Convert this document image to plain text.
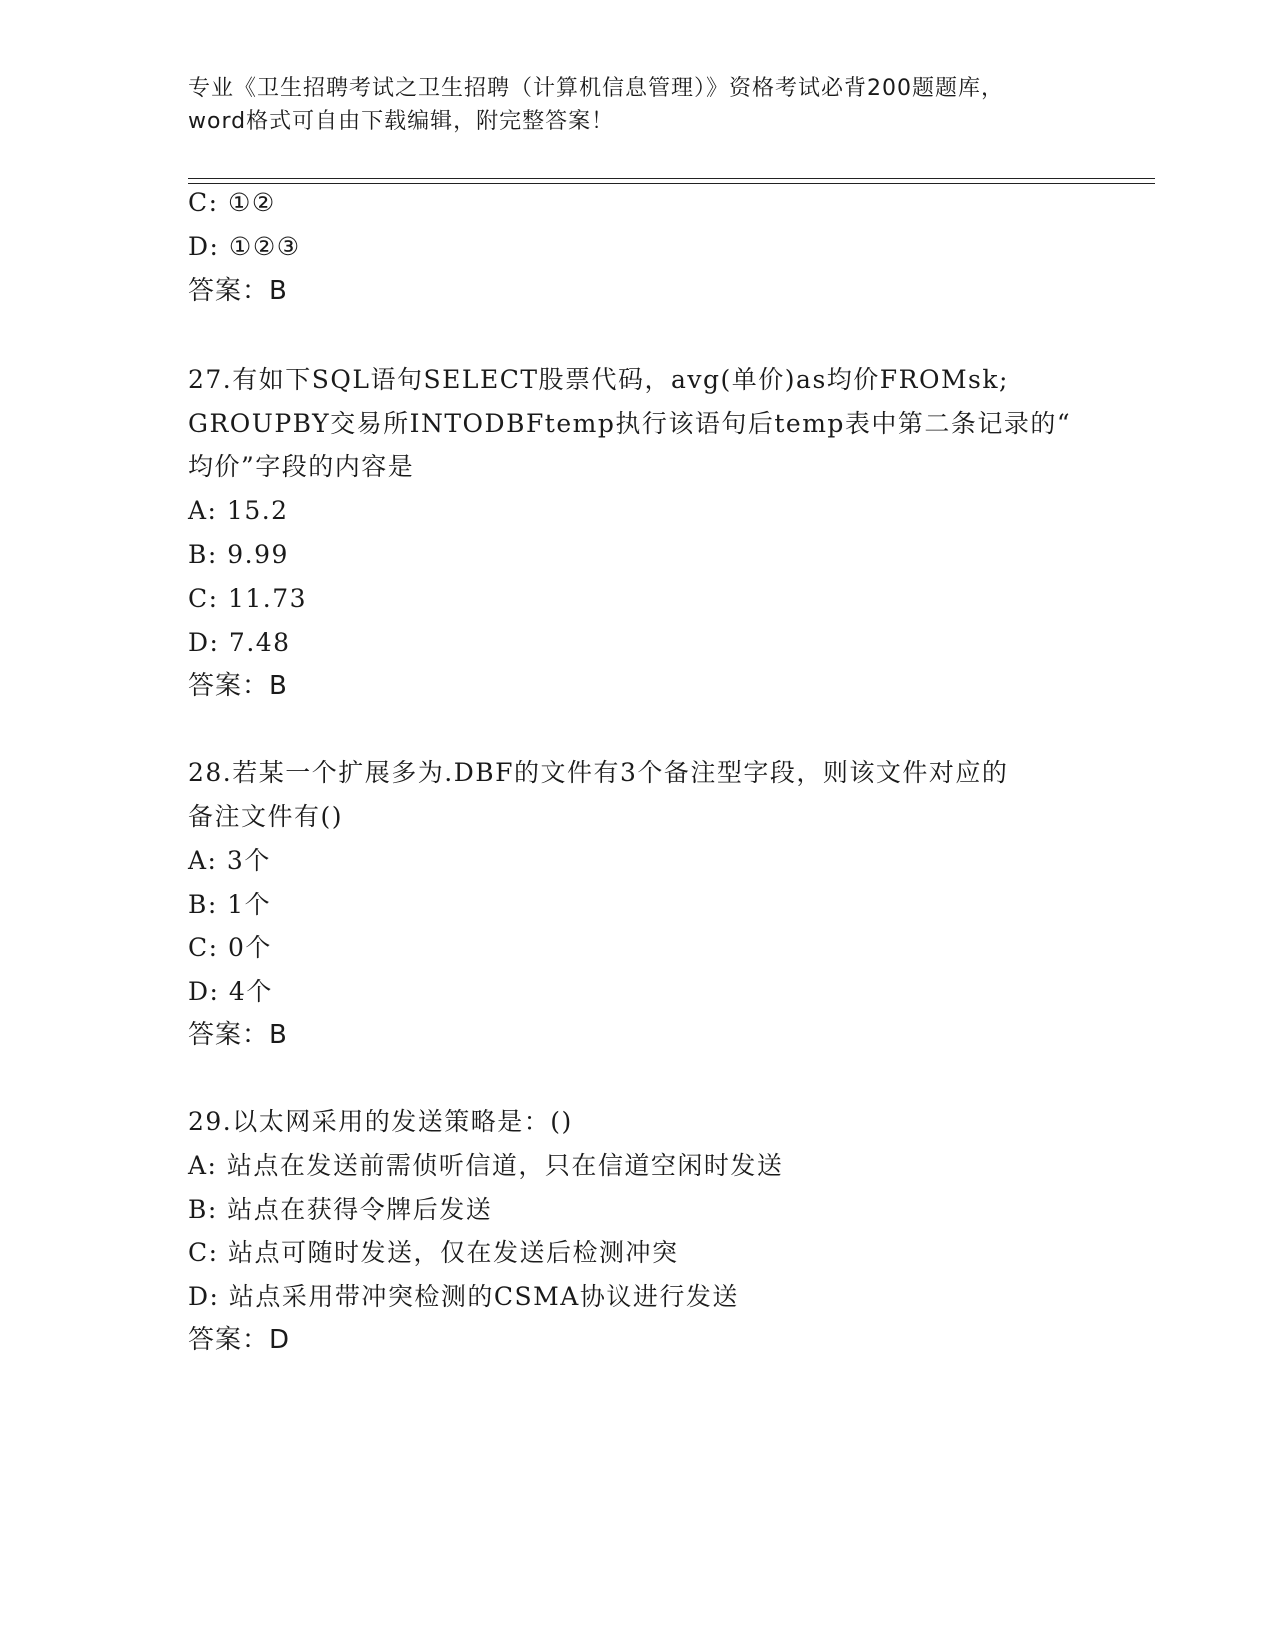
专业《卫生招聘考试之卫生招聘（计算机信息管理）》资格考试必背200题题库，
word格式可自由下载编辑，附完整答案！
C: ①②
D: ①②③
答案：B
27.有如下SQL语句SELECT股票代码，avg(单价)as均价FROMsk;
GROUPBY交易所INTODBFtemp执行该语句后temp表中第二条记录的“
均价”字段的内容是
A: 15.2
B: 9.99
C: 11.73
D: 7.48
答案：B
28.若某一个扩展多为.DBF的文件有3个备注型字段，则该文件对应的
备注文件有()
A: 3个
B: 1个
C: 0个
D: 4个
答案：B
29.以太网采用的发送策略是：()
A: 站点在发送前需侦听信道，只在信道空闲时发送
B: 站点在获得令牌后发送
C: 站点可随时发送，仅在发送后检测冲突
D: 站点采用带冲突检测的CSMA协议进行发送
答案：D
